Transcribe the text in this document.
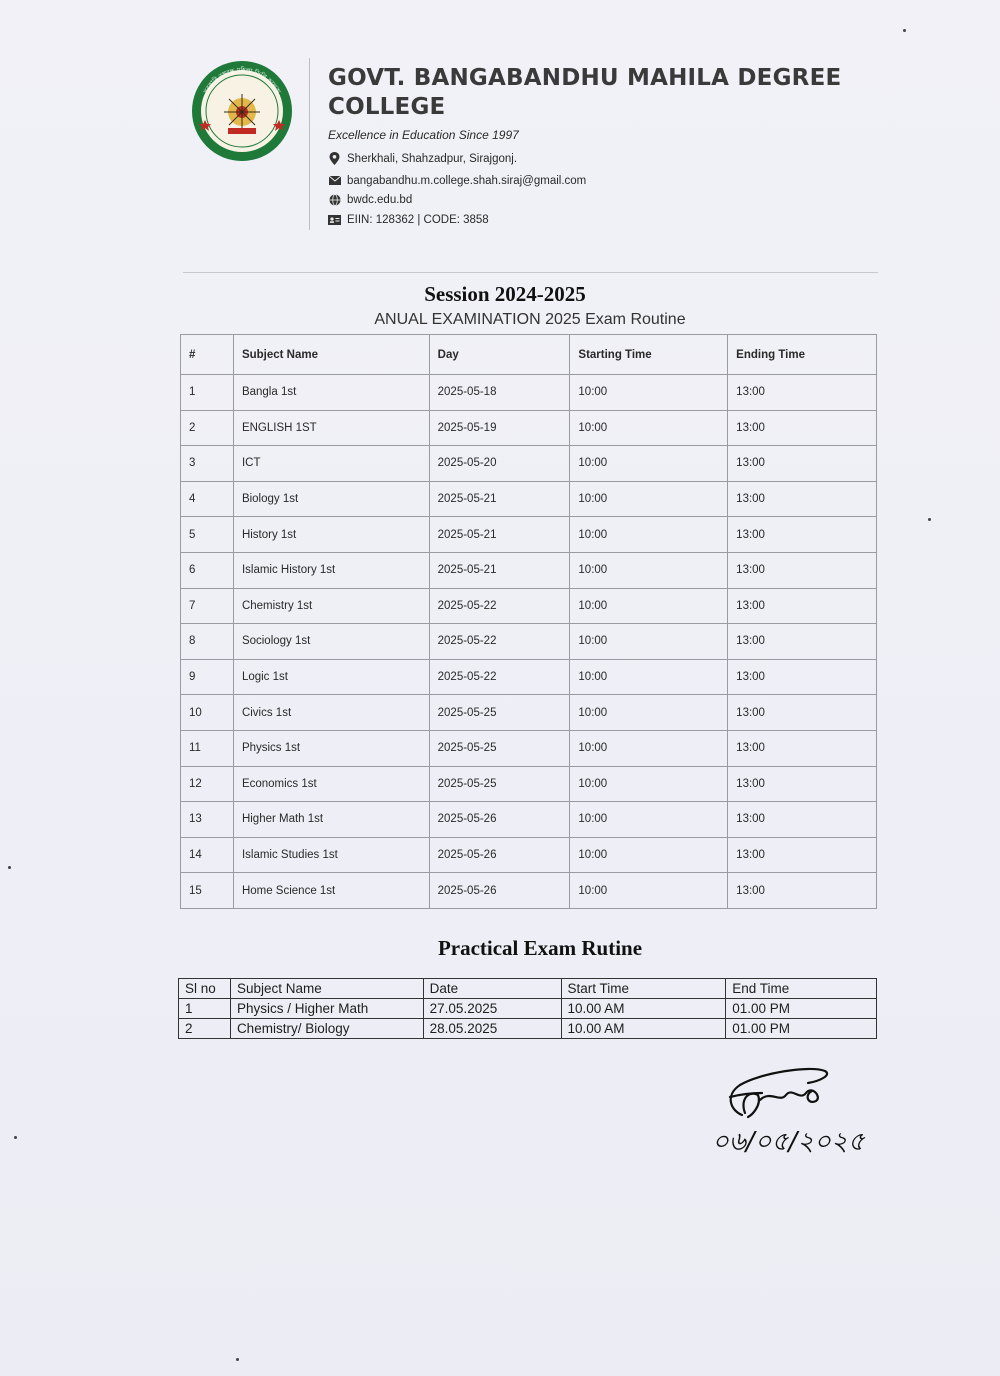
সরকারি বঙ্গবন্ধু মহিলা ডিগ্রি কলেজ GOVT. BANGABANDHU MAHILA DEGREE COLLEGE
Excellence in Education Since 1997
Sherkhali, Shahzadpur, Sirajgonj.
bangabandhu.m.college.shah.siraj@gmail.com
bwdc.edu.bd
EIIN: 128362 | CODE: 3858
Session 2024-2025
ANUAL EXAMINATION 2025 Exam Routine
#	Subject Name	Day	Starting Time	Ending Time
1	Bangla 1st	2025-05-18	10:00	13:00
2	ENGLISH 1ST	2025-05-19	10:00	13:00
3	ICT	2025-05-20	10:00	13:00
4	Biology 1st	2025-05-21	10:00	13:00
5	History 1st	2025-05-21	10:00	13:00
6	Islamic History 1st	2025-05-21	10:00	13:00
7	Chemistry 1st	2025-05-22	10:00	13:00
8	Sociology 1st	2025-05-22	10:00	13:00
9	Logic 1st	2025-05-22	10:00	13:00
10	Civics 1st	2025-05-25	10:00	13:00
11	Physics 1st	2025-05-25	10:00	13:00
12	Economics 1st	2025-05-25	10:00	13:00
13	Higher Math 1st	2025-05-26	10:00	13:00
14	Islamic Studies 1st	2025-05-26	10:00	13:00
15	Home Science 1st	2025-05-26	10:00	13:00
Practical Exam Rutine
Sl no	Subject Name	Date	Start Time	End Time
1	Physics / Higher Math	27.05.2025	10.00 AM	01.00 PM
2	Chemistry/ Biology	28.05.2025	10.00 AM	01.00 PM
০৬/০৫/২০২৫
